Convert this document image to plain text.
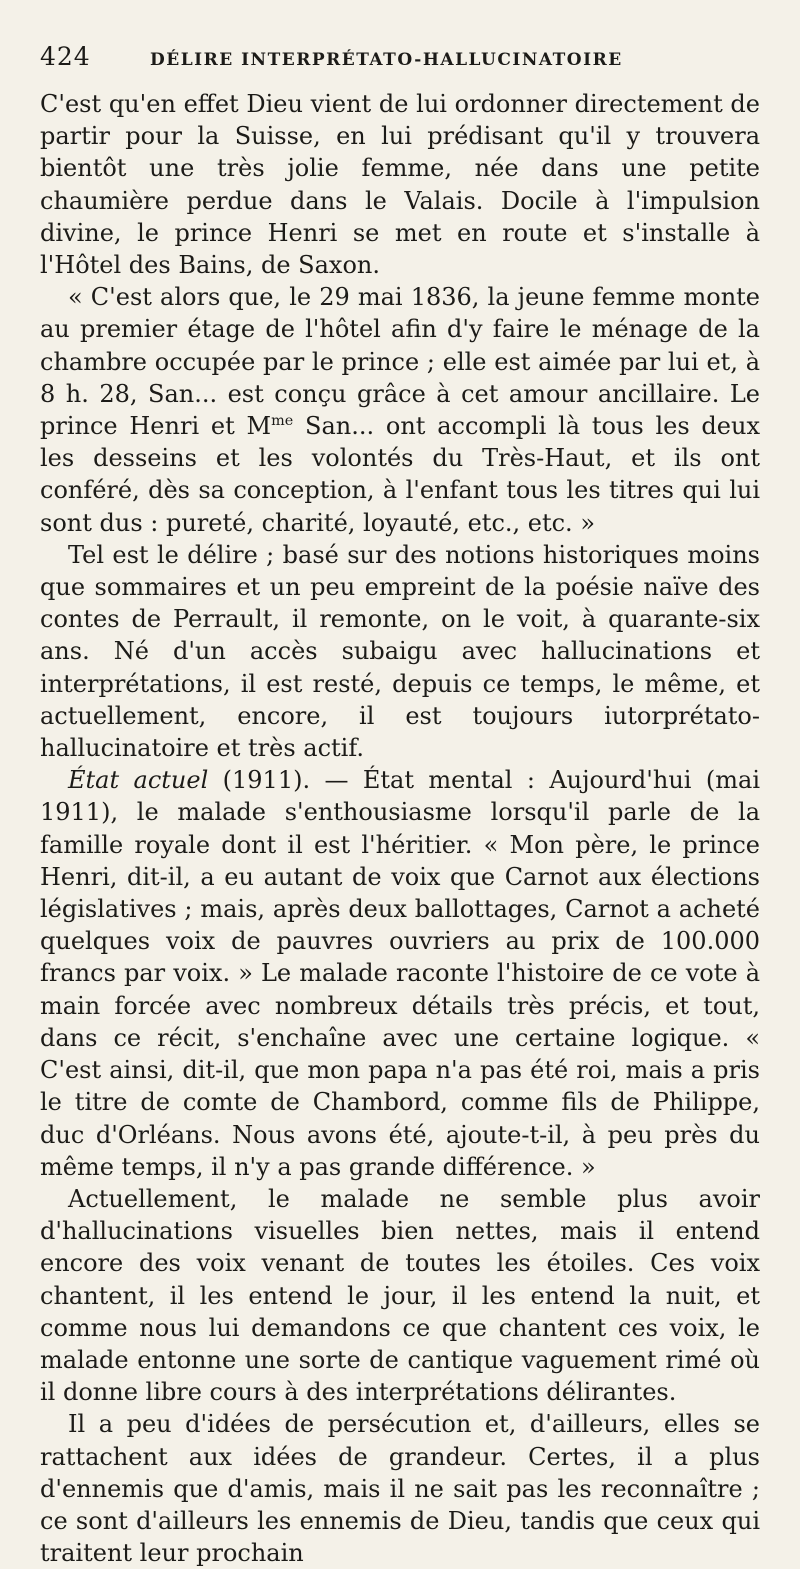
424	DÉLIRE INTERPRÉTATO-HALLUCINATOIRE

C'est qu'en effet Dieu vient de lui ordonner directement de partir pour la Suisse, en lui prédisant qu'il y trouvera bientôt une très jolie femme, née dans une petite chaumière perdue dans le Valais. Docile à l'impulsion divine, le prince Henri se met en route et s'installe à l'Hôtel des Bains, de Saxon.

« C'est alors que, le 29 mai 1836, la jeune femme monte au premier étage de l'hôtel afin d'y faire le ménage de la chambre occupée par le prince ; elle est aimée par lui et, à 8 h. 28, San... est conçu grâce à cet amour ancillaire. Le prince Henri et $M^{me}$ San... ont accompli là tous les deux les desseins et les volontés du Très-Haut, et ils ont conféré, dès sa conception, à l'enfant tous les titres qui lui sont dus : pureté, charité, loyauté, etc., etc. »

Tel est le délire ; basé sur des notions historiques moins que sommaires et un peu empreint de la poésie naïve des contes de Perrault, il remonte, on le voit, à quarante-six ans. Né d'un accès subaigu avec hallucinations et interprétations, il est resté, depuis ce temps, le même, et actuellement, encore, il est toujours iutorprétato-hallucinatoire et très actif.

État actuel (1911). — État mental : Aujourd'hui (mai 1911), le malade s'enthousiasme lorsqu'il parle de la famille royale dont il est l'héritier. « Mon père, le prince Henri, dit-il, a eu autant de voix que Carnot aux élections législatives ; mais, après deux ballottages, Carnot a acheté quelques voix de pauvres ouvriers au prix de 100.000 francs par voix. » Le malade raconte l'histoire de ce vote à main forcée avec nombreux détails très précis, et tout, dans ce récit, s'enchaîne avec une certaine logique. « C'est ainsi, dit-il, que mon papa n'a pas été roi, mais a pris le titre de comte de Chambord, comme fils de Philippe, duc d'Orléans. Nous avons été, ajoute-t-il, à peu près du même temps, il n'y a pas grande différence. »

Actuellement, le malade ne semble plus avoir d'hallucinations visuelles bien nettes, mais il entend encore des voix venant de toutes les étoiles. Ces voix chantent, il les entend le jour, il les entend la nuit, et comme nous lui demandons ce que chantent ces voix, le malade entonne une sorte de cantique vaguement rimé où il donne libre cours à des interprétations délirantes.

Il a peu d'idées de persécution et, d'ailleurs, elles se rattachent aux idées de grandeur. Certes, il a plus d'ennemis que d'amis, mais il ne sait pas les reconnaître ; ce sont d'ailleurs les ennemis de Dieu, tandis que ceux qui traitent leur prochain
